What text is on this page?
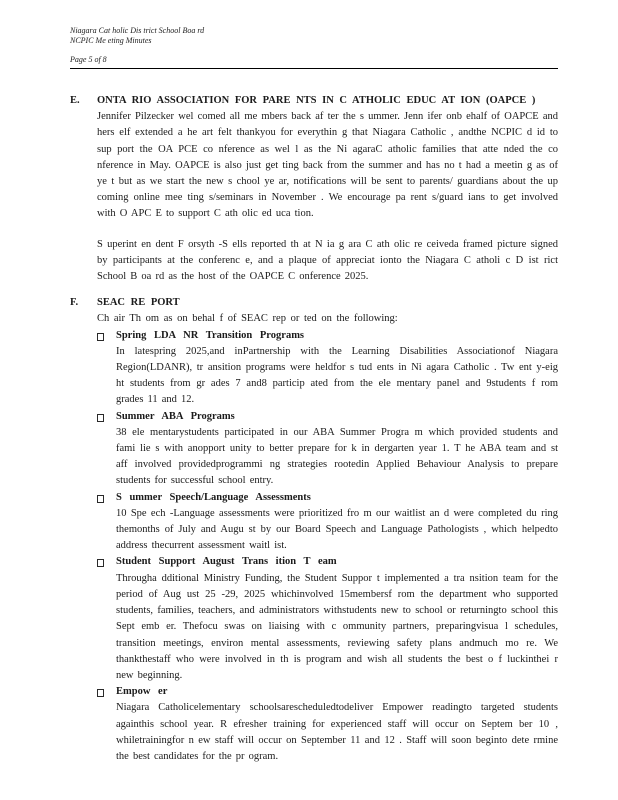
Niagara Cat holic Dis trict School Boa rd
NCPIC Me eting Minutes
Page 5 of 8
E.	ONTA RIO ASSOCIATION FOR PARE NTS IN C ATHOLIC EDUC AT ION (OAPCE )
Jennifer Pilzecker wel comed all me mbers back af ter the s ummer. Jenn ifer onb ehalf of OAPCE and hers elf extended a he art felt thankyou for everythin g that Niagara Catholic , andthe NCPIC d id to sup port the OA PCE co nference as wel l as the Ni agaraC atholic families that atte nded the co nference in May. OAPCE is also just get ting back from the summer and has no t had a meetin g as of ye t but as we start the new s chool ye ar, notifications will be sent to parents/ guardians about the up coming online mee ting s/seminars in November . We encourage pa rent s/guard ians to get involved with O APC E to support C ath olic ed uca tion.
S uperint en dent F orsyth -S ells reported th at N ia g ara C ath olic re ceiveda framed picture signed by participants at the conferenc e, and a plaque of appreciat ionto the Niagara C atholi c D ist rict School B oa rd as the host of the OAPCE C onference 2025.
F.	SEAC RE PORT
Ch air Th om as on behal f of SEAC rep or ted on the following:
Spring LDA NR Transition Programs
In latespring 2025,and inPartnership with the Learning Disabilities Associationof Niagara Region(LDANR), tr ansition programs were heldfor s tud ents in Ni agara Catholic . Tw ent y-eig ht students from gr ades 7 and8 particip ated from the ele mentary panel and 9students f rom grades 11 and 12.
Summer ABA Programs
38 ele mentarystudents participated in our ABA Summer Progra m which provided students and fami lie s with anopport unity to better prepare for k in dergarten year 1. T he ABA team and st aff involved providedprogrammi ng strategies rootedin Applied Behaviour Analysis to prepare students for successful school entry.
S ummer Speech/Language Assessments
10 Spe ech -Language assessments were prioritized fro m our waitlist an d were completed du ring themonths of July and Augu st by our Board Speech and Language Pathologists , which helpedto address thecurrent assessment waitl ist.
Student Support August Trans ition T eam
Througha dditional Ministry Funding, the Student Suppor t implemented a tra nsition team for the period of Aug ust 25 -29, 2025 whichinvolved 15membersf rom the department who supported students, families, teachers, and administrators withstudents new to school or returningto school this Sept emb er. Thefocu swas on liaising with c ommunity partners, preparingvisua l schedules, transition meetings, environ mental assessments, reviewing safety plans andmuch mo re. We thankthestaff who were involved in th is program and wish all students the best o f luckinthei r new beginning.
Empow er
Niagara Catholicelementary schoolsarescheduledtodeliver Empower readingto targeted students againthis school year. R efresher training for experienced staff will occur on Septem ber 10 , whiletrainingfor n ew staff will occur on September 11 and 12 . Staff will soon beginto dete rmine the best candidates for the pr ogram.
